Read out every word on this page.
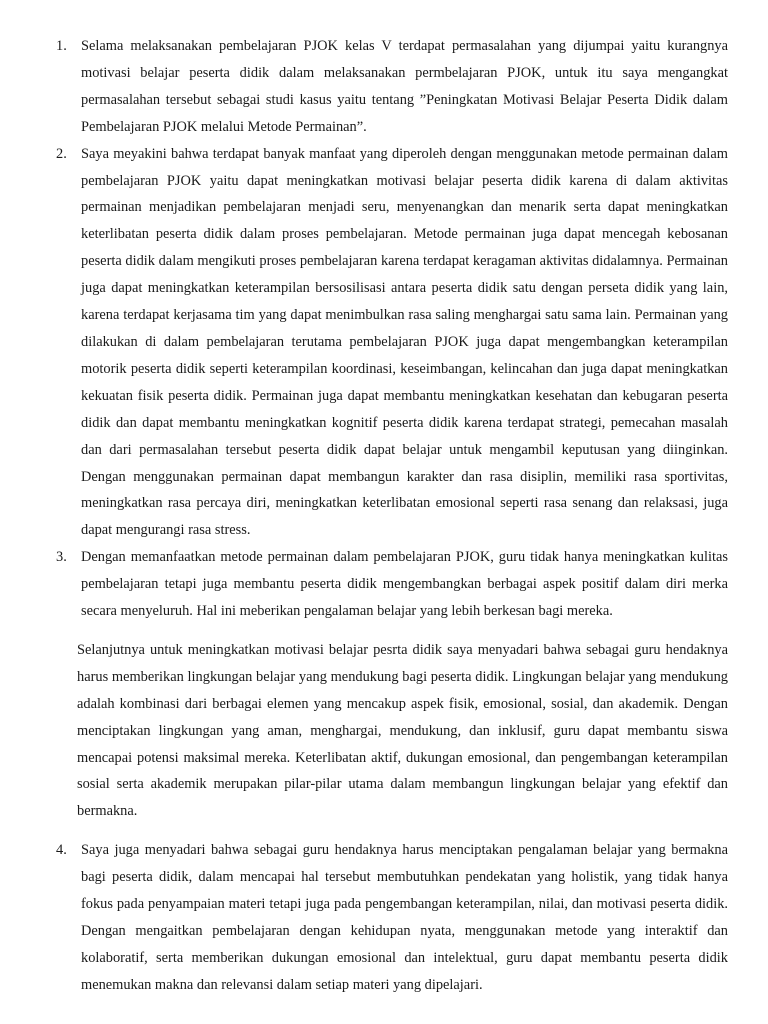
1. Selama melaksanakan pembelajaran PJOK kelas V terdapat permasalahan yang dijumpai yaitu kurangnya motivasi belajar peserta didik dalam melaksanakan permbelajaran PJOK, untuk itu saya mengangkat permasalahan tersebut sebagai studi kasus yaitu tentang ”Peningkatan Motivasi Belajar Peserta Didik dalam Pembelajaran PJOK melalui Metode Permainan”.

2. Saya meyakini bahwa terdapat banyak manfaat yang diperoleh dengan menggunakan metode permainan dalam pembelajaran PJOK yaitu dapat meningkatkan motivasi belajar peserta didik karena di dalam aktivitas permainan menjadikan pembelajaran menjadi seru, menyenangkan dan menarik serta dapat meningkatkan keterlibatan peserta didik dalam proses pembelajaran. Metode permainan juga dapat mencegah kebosanan peserta didik dalam mengikuti proses pembelajaran karena terdapat keragaman aktivitas didalamnya. Permainan juga dapat meningkatkan keterampilan bersosilisasi antara peserta didik satu dengan perseta didik yang lain, karena terdapat kerjasama tim yang dapat menimbulkan rasa saling menghargai satu sama lain. Permainan yang dilakukan di dalam pembelajaran terutama pembelajaran PJOK juga dapat mengembangkan keterampilan motorik peserta didik seperti keterampilan koordinasi, keseimbangan, kelincahan dan juga dapat meningkatkan kekuatan fisik peserta didik. Permainan juga dapat membantu meningkatkan kesehatan dan kebugaran peserta didik dan dapat membantu meningkatkan kognitif peserta didik karena terdapat strategi, pemecahan masalah dan dari permasalahan tersebut peserta didik dapat belajar untuk mengambil keputusan yang diinginkan. Dengan menggunakan permainan dapat membangun karakter dan rasa disiplin, memiliki rasa sportivitas, meningkatkan rasa percaya diri, meningkatkan keterlibatan emosional seperti rasa senang dan relaksasi, juga dapat mengurangi rasa stress.

3. Dengan memanfaatkan metode permainan dalam pembelajaran PJOK, guru tidak hanya meningkatkan kulitas pembelajaran tetapi juga membantu peserta didik mengembangkan berbagai aspek positif dalam diri merka secara menyeluruh. Hal ini meberikan pengalaman belajar yang lebih berkesan bagi mereka.

Selanjutnya untuk meningkatkan motivasi belajar pesrta didik saya menyadari bahwa sebagai guru hendaknya harus memberikan lingkungan belajar yang mendukung bagi peserta didik. Lingkungan belajar yang mendukung adalah kombinasi dari berbagai elemen yang mencakup aspek fisik, emosional, sosial, dan akademik. Dengan menciptakan lingkungan yang aman, menghargai, mendukung, dan inklusif, guru dapat membantu siswa mencapai potensi maksimal mereka. Keterlibatan aktif, dukungan emosional, dan pengembangan keterampilan sosial serta akademik merupakan pilar-pilar utama dalam membangun lingkungan belajar yang efektif dan bermakna.

4. Saya juga menyadari bahwa sebagai guru hendaknya harus menciptakan pengalaman belajar yang bermakna bagi peserta didik, dalam mencapai hal tersebut membutuhkan pendekatan yang holistik, yang tidak hanya fokus pada penyampaian materi tetapi juga pada pengembangan keterampilan, nilai, dan motivasi peserta didik. Dengan mengaitkan pembelajaran dengan kehidupan nyata, menggunakan metode yang interaktif dan kolaboratif, serta memberikan dukungan emosional dan intelektual, guru dapat membantu peserta didik menemukan makna dan relevansi dalam setiap materi yang dipelajari.
